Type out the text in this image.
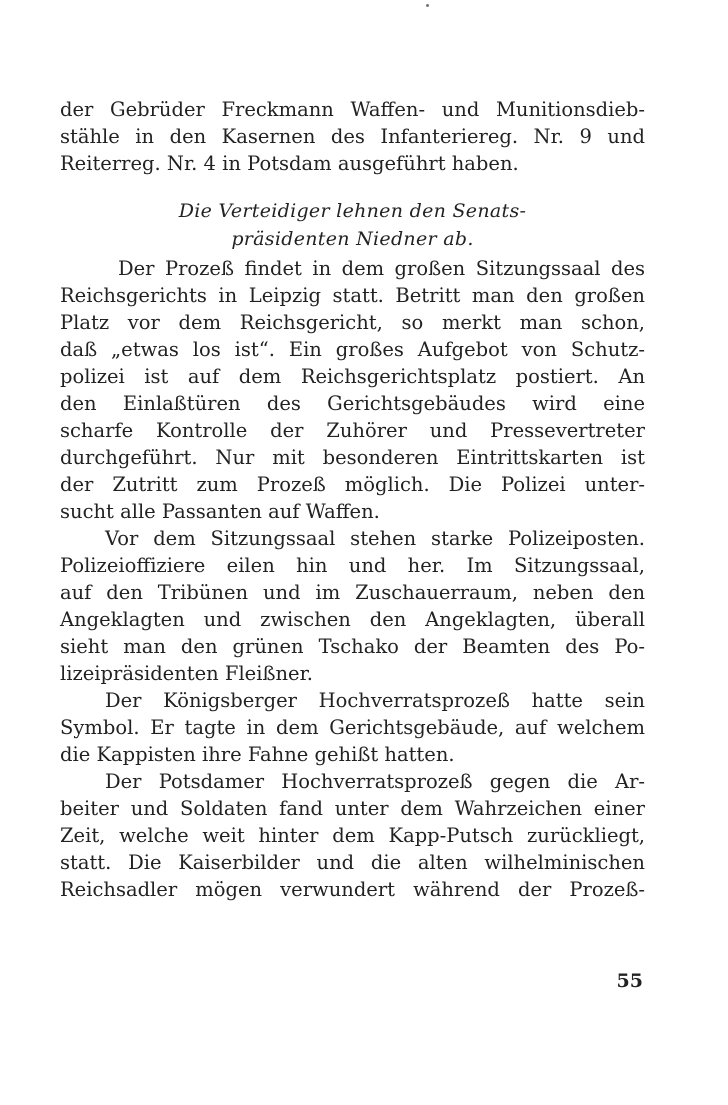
der Gebrüder Freckmann Waffen- und Munitionsdieb-
stähle in den Kasernen des Infanteriereg. Nr. 9 und
Reiterreg. Nr. 4 in Potsdam ausgeführt haben.
Die Verteidiger lehnen den Senats-
präsidenten Niedner ab.
Der Prozeß findet in dem großen Sitzungssaal des
Reichsgerichts in Leipzig statt. Betritt man den großen
Platz vor dem Reichsgericht, so merkt man schon,
daß „etwas los ist“. Ein großes Aufgebot von Schutz-
polizei ist auf dem Reichsgerichtsplatz postiert. An
den Einlaßtüren des Gerichtsgebäudes wird eine
scharfe Kontrolle der Zuhörer und Pressevertreter
durchgeführt. Nur mit besonderen Eintrittskarten ist
der Zutritt zum Prozeß möglich. Die Polizei unter-
sucht alle Passanten auf Waffen.
Vor dem Sitzungssaal stehen starke Polizeiposten.
Polizeioffiziere eilen hin und her. Im Sitzungssaal,
auf den Tribünen und im Zuschauerraum, neben den
Angeklagten und zwischen den Angeklagten, überall
sieht man den grünen Tschako der Beamten des Po-
lizeipräsidenten Fleißner.
Der Königsberger Hochverratsprozeß hatte sein
Symbol. Er tagte in dem Gerichtsgebäude, auf welchem
die Kappisten ihre Fahne gehißt hatten.
Der Potsdamer Hochverratsprozeß gegen die Ar-
beiter und Soldaten fand unter dem Wahrzeichen einer
Zeit, welche weit hinter dem Kapp-Putsch zurückliegt,
statt. Die Kaiserbilder und die alten wilhelminischen
Reichsadler mögen verwundert während der Prozeß-
55
